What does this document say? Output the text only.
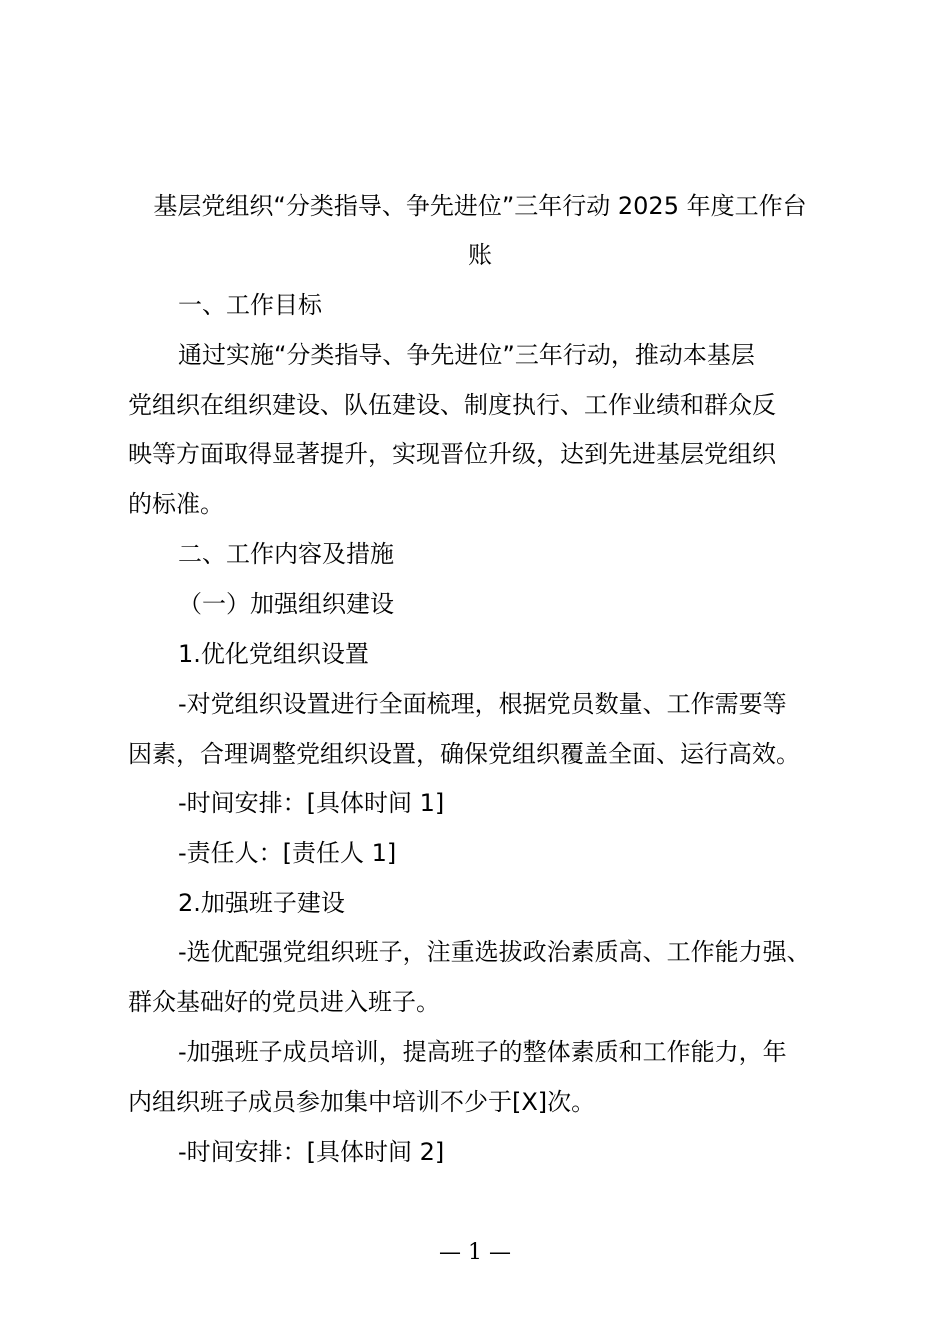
基层党组织“分类指导、争先进位”三年行动 2025 年度工作台
账
一、工作目标
通过实施“分类指导、争先进位”三年行动，推动本基层
党组织在组织建设、队伍建设、制度执行、工作业绩和群众反
映等方面取得显著提升，实现晋位升级，达到先进基层党组织
的标准。
二、工作内容及措施
（一）加强组织建设
1.优化党组织设置
-对党组织设置进行全面梳理，根据党员数量、工作需要等
因素，合理调整党组织设置，确保党组织覆盖全面、运行高效。
-时间安排：[具体时间 1]
-责任人：[责任人 1]
2.加强班子建设
-选优配强党组织班子，注重选拔政治素质高、工作能力强、
群众基础好的党员进入班子。
-加强班子成员培训，提高班子的整体素质和工作能力，年
内组织班子成员参加集中培训不少于[X]次。
-时间安排：[具体时间 2]
— 1 —
